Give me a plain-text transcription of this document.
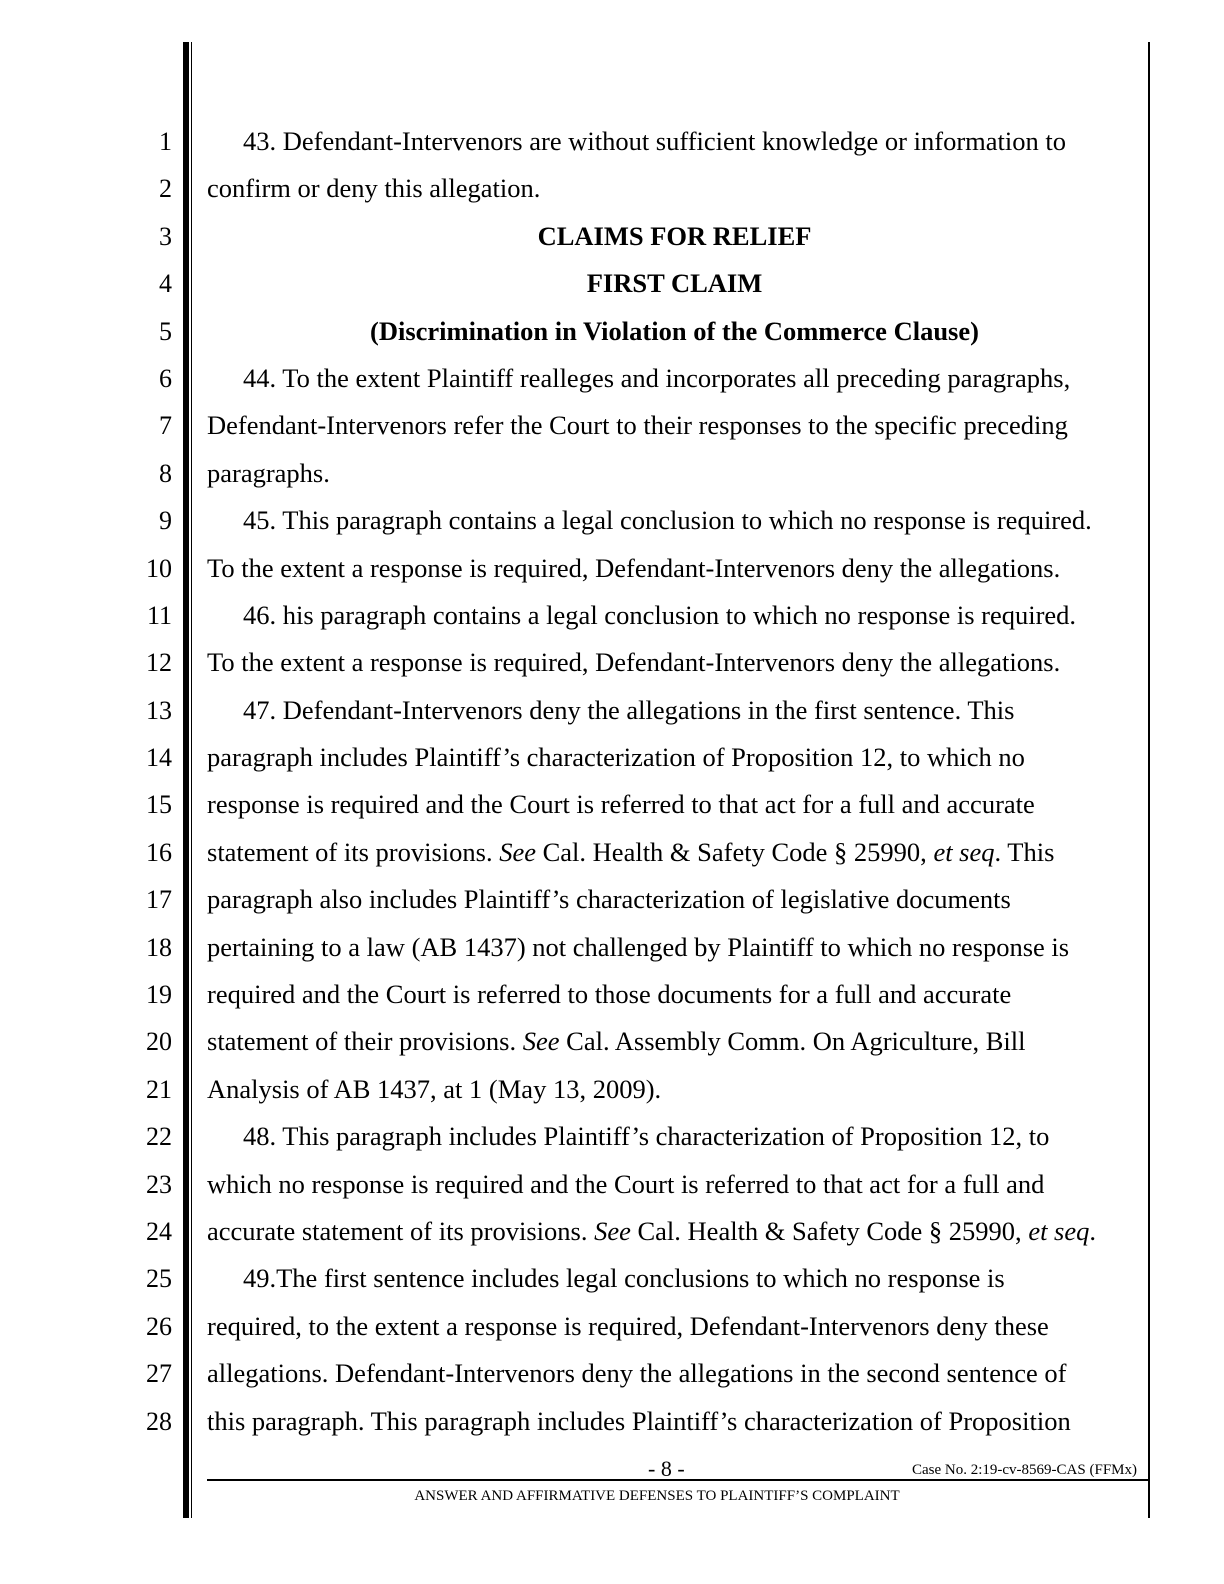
1
2
3
4
5
6
7
8
9
10
11
12
13
14
15
16
17
18
19
20
21
22
23
24
25
26
27
28
43. Defendant-Intervenors are without sufficient knowledge or information to
confirm or deny this allegation.
CLAIMS FOR RELIEF
FIRST CLAIM
(Discrimination in Violation of the Commerce Clause)
44. To the extent Plaintiff realleges and incorporates all preceding paragraphs,
Defendant-Intervenors refer the Court to their responses to the specific preceding
paragraphs.
45. This paragraph contains a legal conclusion to which no response is required.
To the extent a response is required, Defendant-Intervenors deny the allegations.
46. his paragraph contains a legal conclusion to which no response is required.
To the extent a response is required, Defendant-Intervenors deny the allegations.
47. Defendant-Intervenors deny the allegations in the first sentence. This
paragraph includes Plaintiff’s characterization of Proposition 12, to which no
response is required and the Court is referred to that act for a full and accurate
statement of its provisions. See Cal. Health & Safety Code § 25990, et seq. This
paragraph also includes Plaintiff’s characterization of legislative documents
pertaining to a law (AB 1437) not challenged by Plaintiff to which no response is
required and the Court is referred to those documents for a full and accurate
statement of their provisions. See Cal. Assembly Comm. On Agriculture, Bill
Analysis of AB 1437, at 1 (May 13, 2009).
48. This paragraph includes Plaintiff’s characterization of Proposition 12, to
which no response is required and the Court is referred to that act for a full and
accurate statement of its provisions. See Cal. Health & Safety Code § 25990, et seq.
49.The first sentence includes legal conclusions to which no response is
required, to the extent a response is required, Defendant-Intervenors deny these
allegations. Defendant-Intervenors deny the allegations in the second sentence of
this paragraph. This paragraph includes Plaintiff’s characterization of Proposition
- 8 -	Case No. 2:19-cv-8569-CAS (FFMx)
ANSWER AND AFFIRMATIVE DEFENSES TO PLAINTIFF’S COMPLAINT
